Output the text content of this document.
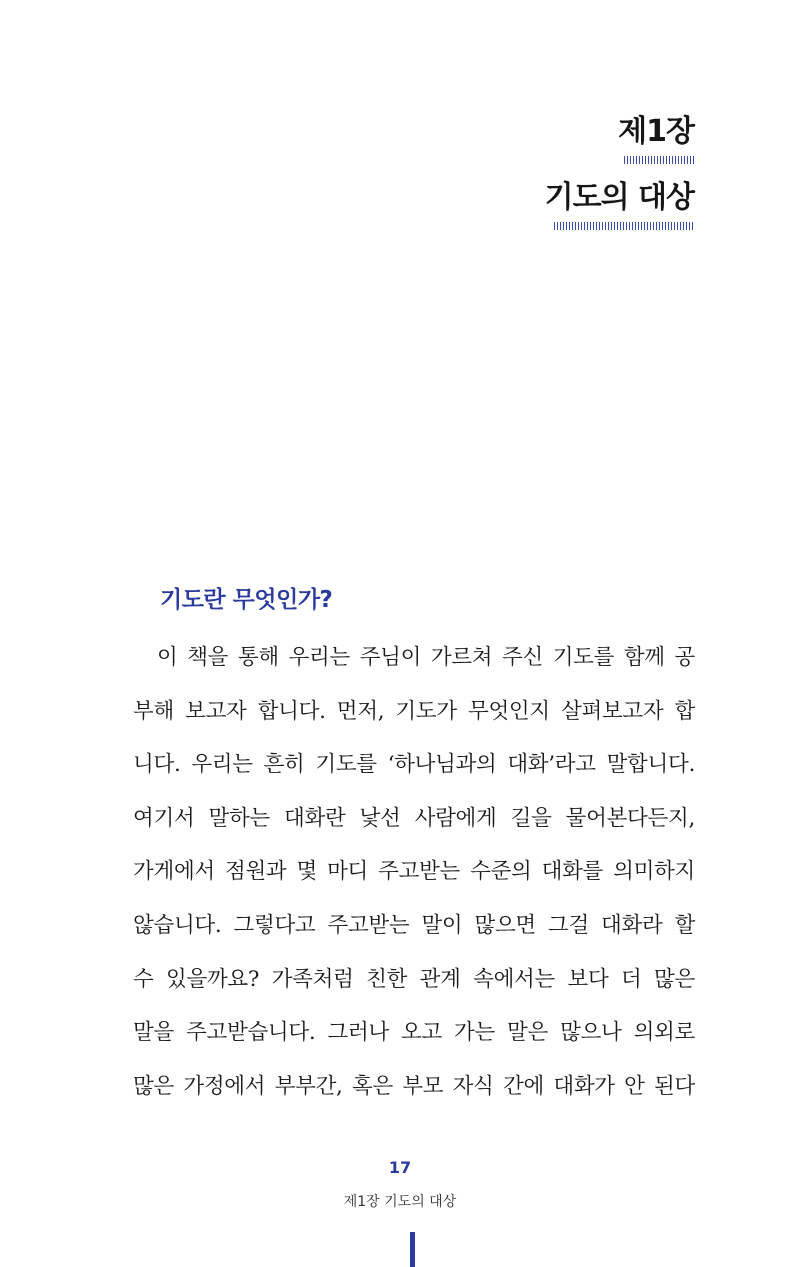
제1장
기도의 대상
기도란 무엇인가?
이 책을 통해 우리는 주님이 가르쳐 주신 기도를 함께 공
부해 보고자 합니다. 먼저, 기도가 무엇인지 살펴보고자 합
니다. 우리는 흔히 기도를 ‘하나님과의 대화’라고 말합니다.
여기서 말하는 대화란 낯선 사람에게 길을 물어본다든지,
가게에서 점원과 몇 마디 주고받는 수준의 대화를 의미하지
않습니다. 그렇다고 주고받는 말이 많으면 그걸 대화라 할
수 있을까요? 가족처럼 친한 관계 속에서는 보다 더 많은
말을 주고받습니다. 그러나 오고 가는 말은 많으나 의외로
많은 가정에서 부부간, 혹은 부모 자식 간에 대화가 안 된다
17
제1장 기도의 대상
